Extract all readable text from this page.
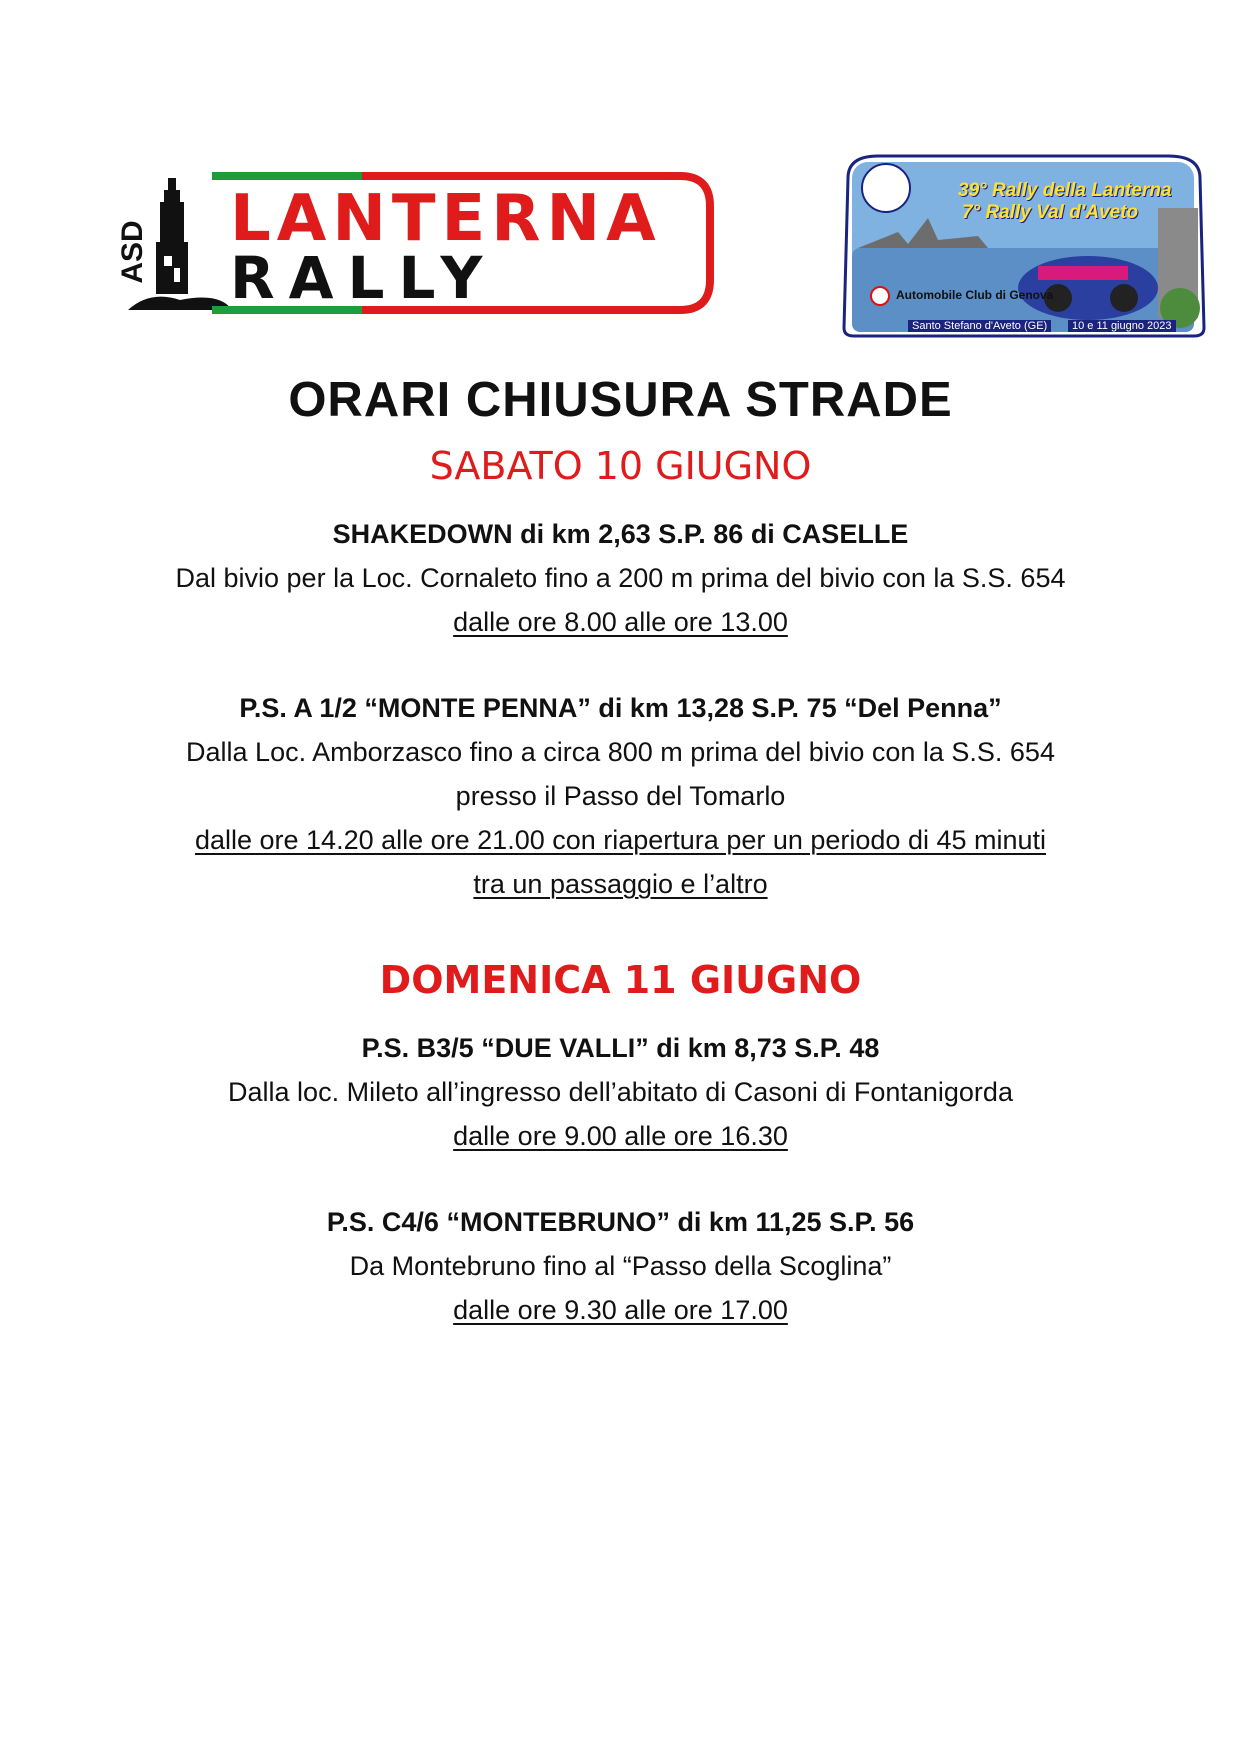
ASD LANTERNA
RALLY
39° Rally della Lanterna
7° Rally Val d'Aveto
Automobile Club di Genova
Santo Stefano d'Aveto (GE)	10 e 11 giugno 2023
ORARI CHIUSURA STRADE
SABATO 10 GIUGNO
SHAKEDOWN di km 2,63 S.P. 86 di CASELLE
Dal bivio per la Loc. Cornaleto fino a 200 m prima del bivio con la S.S. 654
dalle ore 8.00 alle ore 13.00
P.S. A 1/2 “MONTE PENNA” di km 13,28 S.P. 75 “Del Penna”
Dalla Loc. Amborzasco fino a circa 800 m prima del bivio con la S.S. 654
presso il Passo del Tomarlo
dalle ore 14.20 alle ore 21.00 con riapertura per un periodo di 45 minuti
tra un passaggio e l’altro
DOMENICA 11 GIUGNO
P.S. B3/5 “DUE VALLI” di km 8,73 S.P. 48
Dalla loc. Mileto all’ingresso dell’abitato di Casoni di Fontanigorda
dalle ore 9.00 alle ore 16.30
P.S. C4/6 “MONTEBRUNO” di km 11,25 S.P. 56
Da Montebruno fino al “Passo della Scoglina”
dalle ore 9.30 alle ore 17.00
